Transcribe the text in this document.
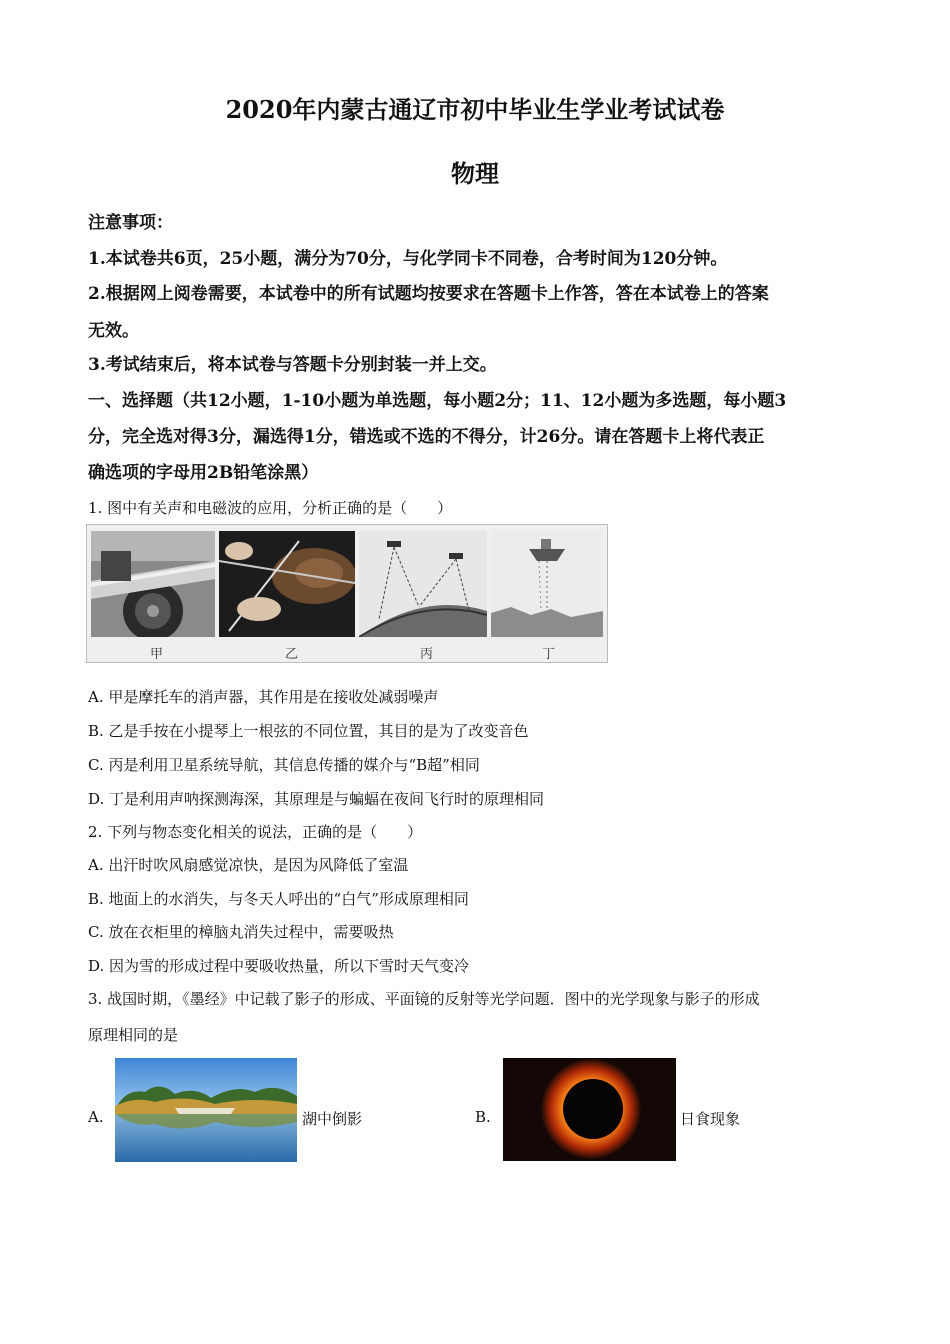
2020年内蒙古通辽市初中毕业生学业考试试卷
物理
注意事项：
1.本试卷共6页，25小题，满分为70分，与化学同卡不同卷，合考时间为120分钟。
2.根据网上阅卷需要，本试卷中的所有试题均按要求在答题卡上作答，答在本试卷上的答案
无效。
3.考试结束后，将本试卷与答题卡分别封装一并上交。
一、选择题（共12小题，1-10小题为单选题，每小题2分；11、12小题为多选题，每小题3
分，完全选对得3分，漏选得1分，错选或不选的不得分，计26分。请在答题卡上将代表正
确选项的字母用2B铅笔涂黑）
1. 图中有关声和电磁波的应用，分析正确的是（　　）
甲	乙	丙	丁
A. 甲是摩托车的消声器，其作用是在接收处减弱噪声
B. 乙是手按在小提琴上一根弦的不同位置，其目的是为了改变音色
C. 丙是利用卫星系统导航，其信息传播的媒介与“B超”相同
D. 丁是利用声呐探测海深，其原理是与蝙蝠在夜间飞行时的原理相同
2. 下列与物态变化相关的说法，正确的是（　　）
A. 出汗时吹风扇感觉凉快，是因为风降低了室温
B. 地面上的水消失，与冬天人呼出的“白气”形成原理相同
C. 放在衣柜里的樟脑丸消失过程中，需要吸热
D. 因为雪的形成过程中要吸收热量，所以下雪时天气变冷
3. 战国时期，《墨经》中记载了影子的形成、平面镜的反射等光学问题．图中的光学现象与影子的形成
原理相同的是
A.	湖中倒影	B.	日食现象
